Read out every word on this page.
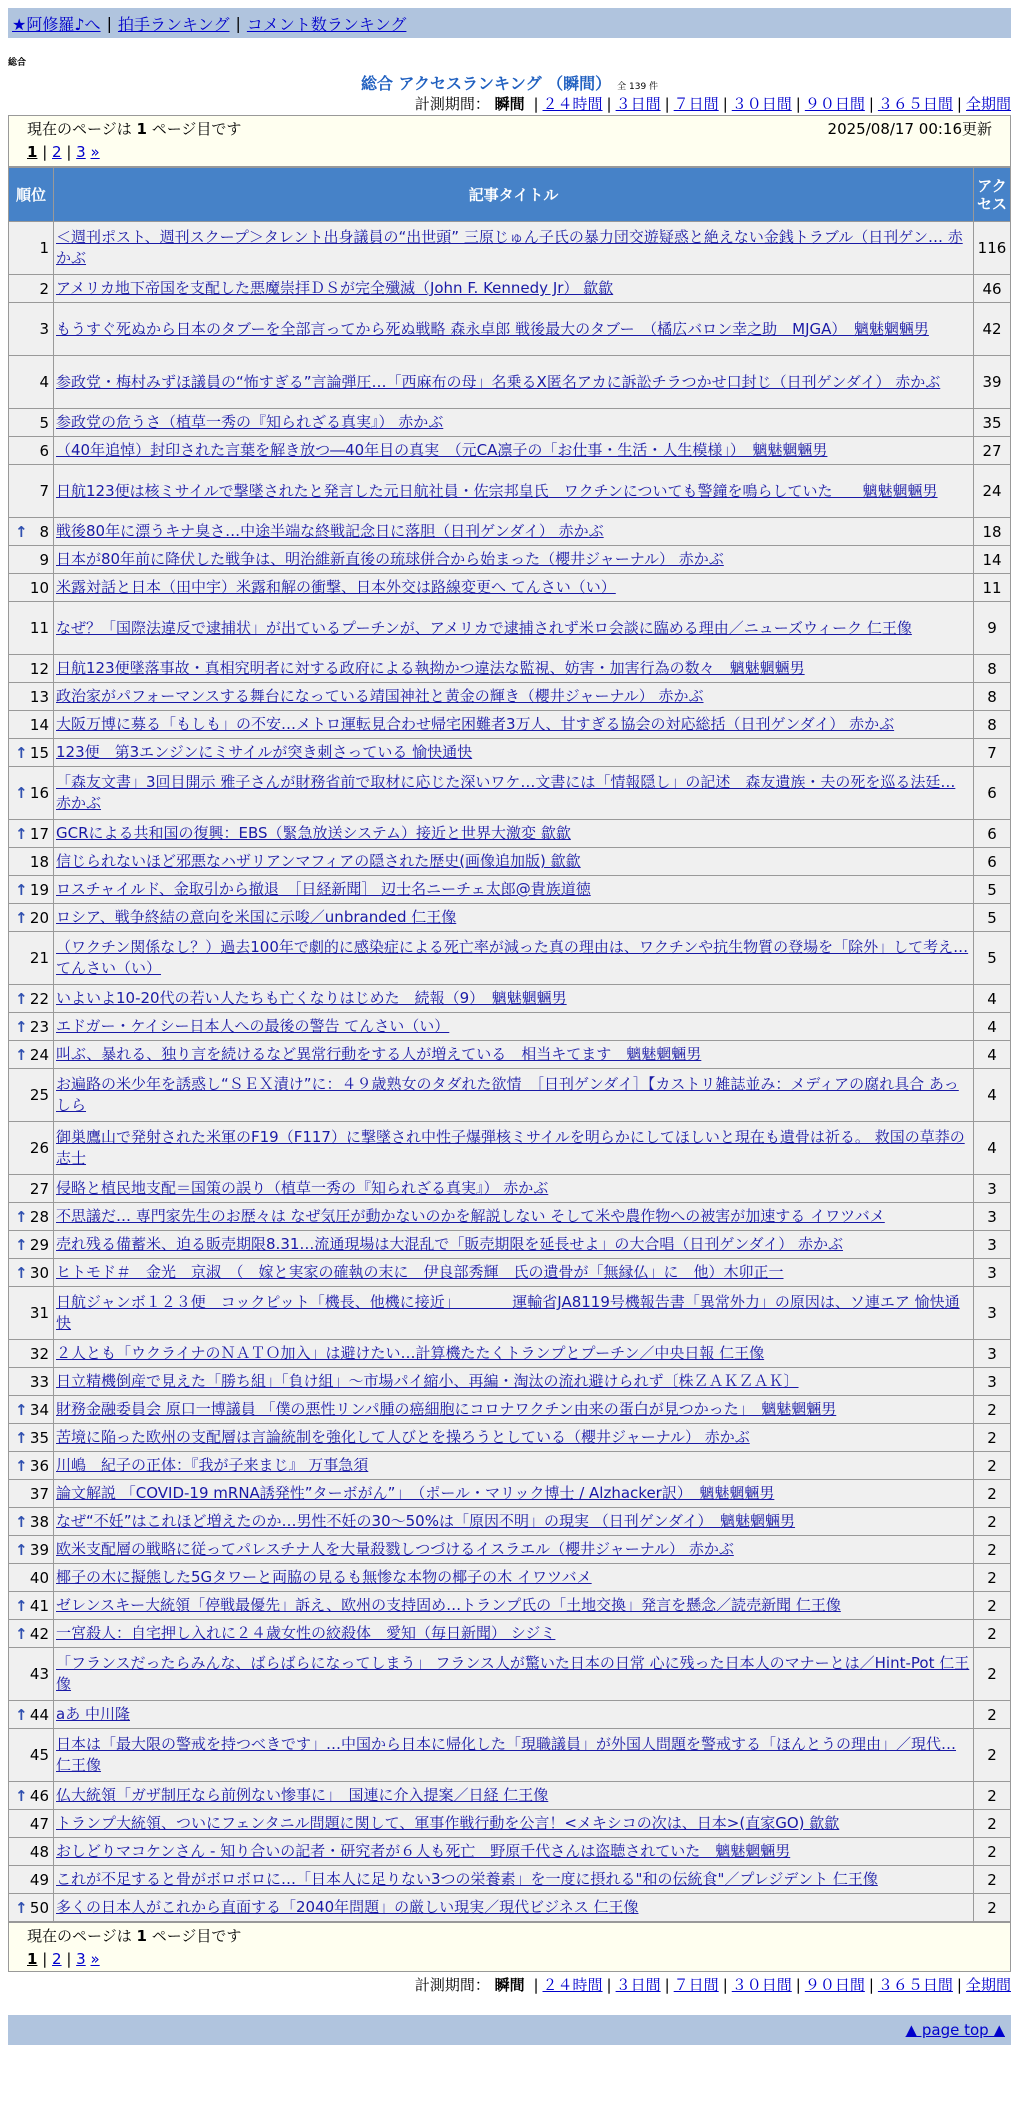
★阿修羅♪へ | 拍手ランキング | コメント数ランキング
総合
総合 アクセスランキング （瞬間） 全 139 件
計測期間： 瞬間 | ２４時間 | ３日間 | ７日間 | ３０日間 | ９０日間 | ３６５日間 | 全期間
現在のページは 1 ページ目です	2025/08/17 00:16更新
1 | 2 | 3 »
順位	記事タイトル	アクセス
1	＜週刊ポスト、週刊スクープ＞タレント出身議員の“出世頭” 三原じゅん子氏の暴力団交遊疑惑と絶えない金銭トラブル（日刊ゲン… 赤かぶ	116
2	アメリカ地下帝国を支配した悪魔崇拝ＤＳが完全殲滅（John F. Kennedy Jr） 歙歙	46
3	もうすぐ死ぬから日本のタブーを全部言ってから死ぬ戦略 森永卓郎 戦後最大のタブー　（橘広バロン幸之助　MJGA）　魑魅魍魎男	42
4	参政党・梅村みずほ議員の“怖すぎる”言論弾圧…「西麻布の母」名乗るX匿名アカに訴訟チラつかせ口封じ（日刊ゲンダイ） 赤かぶ	39
5	参政党の危うさ（植草一秀の『知られざる真実』） 赤かぶ	35
6	（40年追悼）封印された言葉を解き放つ―40年目の真実　（元CA凛子の「お仕事・生活・人生模様」）　魑魅魍魎男	27
7	日航123便は核ミサイルで撃墜されたと発言した元日航社員・佐宗邦皇氏　ワクチンについても警鐘を鳴らしていた　　魑魅魍魎男	24

↑ 8	戦後80年に漂うキナ臭さ…中途半端な終戦記念日に落胆（日刊ゲンダイ） 赤かぶ	18
9	日本が80年前に降伏した戦争は、明治維新直後の琉球併合から始まった（櫻井ジャーナル） 赤かぶ	14
10	米露対話と日本（田中宇）米露和解の衝撃、日本外交は路線変更へ てんさい（い）	11
11	なぜ？「国際法違反で逮捕状」が出ているプーチンが、アメリカで逮捕されず米ロ会談に臨める理由／ニューズウィーク 仁王像	9
12	日航123便墜落事故・真相究明者に対する政府による執拗かつ違法な監視、妨害・加害行為の数々　魑魅魍魎男	8
13	政治家がパフォーマンスする舞台になっている靖国神社と黄金の輝き（櫻井ジャーナル） 赤かぶ	8
14	大阪万博に募る「もしも」の不安…メトロ運転見合わせ帰宅困難者3万人、甘すぎる協会の対応総括（日刊ゲンダイ） 赤かぶ	8

↑ 15	123便　第3エンジンにミサイルが突き刺さっている 愉快通快	7

↑ 16	「森友文書」3回目開示 雅子さんが財務省前で取材に応じた深いワケ…文書には「情報隠し」の記述　森友遺族・夫の死を巡る法廷… 赤かぶ	6

↑ 17	GCRによる共和国の復興：EBS（緊急放送システム）接近と世界大激変 歙歙	6
18	信じられないほど邪悪なハザリアンマフィアの隠された歴史(画像追加版) 歙歙	6

↑ 19	ロスチャイルド、金取引から撤退　［日経新聞］ 辺士名ニーチェ太郎@貴族道徳	5

↑ 20	ロシア、戦争終結の意向を米国に示唆／unbranded 仁王像	5
21	（ワクチン関係なし？）過去100年で劇的に感染症による死亡率が減った真の理由は、ワクチンや抗生物質の登場を「除外」して考え… てんさい（い）	5

↑ 22	いよいよ10-20代の若い人たちも亡くなりはじめた　続報（9）　魑魅魍魎男	4

↑ 23	エドガー・ケイシー日本人への最後の警告 てんさい（い）	4

↑ 24	叫ぶ、暴れる、独り言を続けるなど異常行動をする人が増えている　相当キてます　魑魅魍魎男	4
25	お遍路の米少年を誘惑し“ＳＥＸ漬け”に：４９歳熟女のタダれた欲情　［日刊ゲンダイ］【カストリ雑誌並み：メディアの腐れ具合 あっしら	4
26	御巣鷹山で発射された米軍のF19（F117）に撃墜され中性子爆弾核ミサイルを明らかにしてほしいと現在も遺骨は祈る。 救国の草莽の志士	4
27	侵略と植民地支配＝国策の誤り（植草一秀の『知られざる真実』） 赤かぶ	3

↑ 28	不思議だ… 専門家先生のお歴々は なぜ気圧が動かないのかを解説しない そして米や農作物への被害が加速する イワツバメ	3

↑ 29	売れ残る備蓄米、迫る販売期限8.31…流通現場は大混乱で「販売期限を延長せよ」の大合唱（日刊ゲンダイ） 赤かぶ	3

↑ 30	ヒトモド＃　金光　京淑　（　嫁と実家の確執の末に　伊良部秀輝　氏の遺骨が「無縁仏」に　他）木卯正一	3
31	日航ジャンボ１２３便　コックピット「機長、他機に接近」　　　　運輸省JA8119号機報告書「異常外力」の原因は、ソ連エア 愉快通快	3
32	２人とも「ウクライナのＮＡＴＯ加入」は避けたい…計算機たたくトランプとプーチン／中央日報 仁王像	3
33	日立精機倒産で見えた「勝ち組」「負け組」〜市場パイ縮小、再編・淘汰の流れ避けられず〔株ＺＡＫＺＡＫ〕	3

↑ 34	財務金融委員会 原口一博議員 「僕の悪性リンパ腫の癌細胞にコロナワクチン由来の蛋白が見つかった」　魑魅魍魎男	2

↑ 35	苦境に陥った欧州の支配層は言論統制を強化して人びとを操ろうとしている（櫻井ジャーナル） 赤かぶ	2

↑ 36	川嶋　紀子の正体：『我が子来まじ』 万事急須	2
37	論文解説 「COVID-19 mRNA誘発性”ターボがん”」　（ポール・マリック博士 / Alzhacker訳）　魑魅魍魎男	2

↑ 38	なぜ“不妊”はこれほど増えたのか…男性不妊の30〜50%は「原因不明」の現実 （日刊ゲンダイ）　魑魅魍魎男	2

↑ 39	欧米支配層の戦略に従ってパレスチナ人を大量殺戮しつづけるイスラエル（櫻井ジャーナル） 赤かぶ	2
40	椰子の木に擬態した5Gタワーと両脇の見るも無惨な本物の椰子の木 イワツバメ	2

↑ 41	ゼレンスキー大統領「停戦最優先」訴え、欧州の支持固め…トランプ氏の「土地交換」発言を懸念／読売新聞 仁王像	2

↑ 42	一宮殺人：自宅押し入れに２４歳女性の絞殺体　愛知（毎日新聞） シジミ	2
43	「フランスだったらみんな、ばらばらになってしまう」 フランス人が驚いた日本の日常 心に残った日本人のマナーとは／Hint-Pot 仁王像	2

↑ 44	aあ 中川隆	2
45	日本は「最大限の警戒を持つべきです」…中国から日本に帰化した「現職議員」が外国人問題を警戒する「ほんとうの理由」／現代… 仁王像	2

↑ 46	仏大統領「ガザ制圧なら前例ない惨事に」　国連に介入提案／日経 仁王像	2
47	トランプ大統領、ついにフェンタニル問題に関して、軍事作戦行動を公言！<メキシコの次は、日本>(直家GO) 歙歙	2
48	おしどりマコケンさん - 知り合いの記者・研究者が６人も死亡　野原千代さんは盗聴されていた　魑魅魍魎男	2
49	これが不足すると骨がボロボロに…「日本人に足りない3つの栄養素」を一度に摂れる"和の伝統食"／プレジデント 仁王像	2

↑ 50	多くの日本人がこれから直面する「2040年問題」の厳しい現実／現代ビジネス 仁王像	2
現在のページは 1 ページ目です
1 | 2 | 3 »
計測期間： 瞬間 | ２４時間 | ３日間 | ７日間 | ３０日間 | ９０日間 | ３６５日間 | 全期間
▲ page top ▲
